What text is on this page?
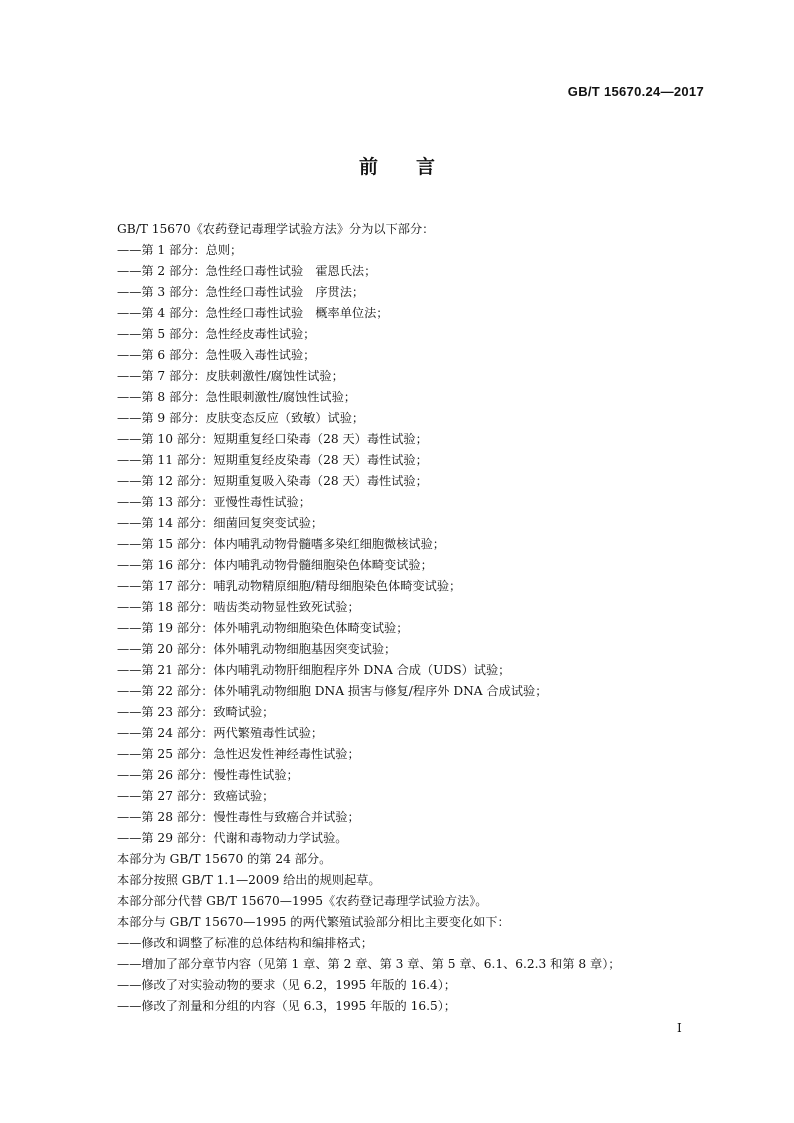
GB/T 15670.24—2017
前言
GB/T 15670《农药登记毒理学试验方法》分为以下部分：
——第 1 部分：总则；
——第 2 部分：急性经口毒性试验　霍恩氏法；
——第 3 部分：急性经口毒性试验　序贯法；
——第 4 部分：急性经口毒性试验　概率单位法；
——第 5 部分：急性经皮毒性试验；
——第 6 部分：急性吸入毒性试验；
——第 7 部分：皮肤刺激性/腐蚀性试验；
——第 8 部分：急性眼刺激性/腐蚀性试验；
——第 9 部分：皮肤变态反应（致敏）试验；
——第 10 部分：短期重复经口染毒（28 天）毒性试验；
——第 11 部分：短期重复经皮染毒（28 天）毒性试验；
——第 12 部分：短期重复吸入染毒（28 天）毒性试验；
——第 13 部分：亚慢性毒性试验；
——第 14 部分：细菌回复突变试验；
——第 15 部分：体内哺乳动物骨髓嗜多染红细胞微核试验；
——第 16 部分：体内哺乳动物骨髓细胞染色体畸变试验；
——第 17 部分：哺乳动物精原细胞/精母细胞染色体畸变试验；
——第 18 部分：啮齿类动物显性致死试验；
——第 19 部分：体外哺乳动物细胞染色体畸变试验；
——第 20 部分：体外哺乳动物细胞基因突变试验；
——第 21 部分：体内哺乳动物肝细胞程序外 DNA 合成（UDS）试验；
——第 22 部分：体外哺乳动物细胞 DNA 损害与修复/程序外 DNA 合成试验；
——第 23 部分：致畸试验；
——第 24 部分：两代繁殖毒性试验；
——第 25 部分：急性迟发性神经毒性试验；
——第 26 部分：慢性毒性试验；
——第 27 部分：致癌试验；
——第 28 部分：慢性毒性与致癌合并试验；
——第 29 部分：代谢和毒物动力学试验。
本部分为 GB/T 15670 的第 24 部分。
本部分按照 GB/T 1.1—2009 给出的规则起草。
本部分部分代替 GB/T 15670—1995《农药登记毒理学试验方法》。
本部分与 GB/T 15670—1995 的两代繁殖试验部分相比主要变化如下：
——修改和调整了标准的总体结构和编排格式；
——增加了部分章节内容（见第 1 章、第 2 章、第 3 章、第 5 章、6.1、6.2.3 和第 8 章）；
——修改了对实验动物的要求（见 6.2，1995 年版的 16.4）；
——修改了剂量和分组的内容（见 6.3，1995 年版的 16.5）；
I
